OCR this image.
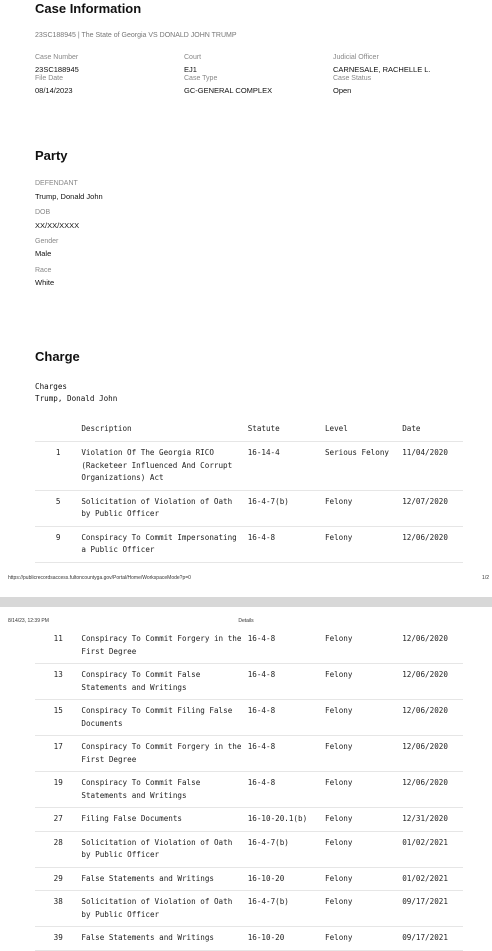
Case Information
23SC188945 | The State of Georgia VS DONALD JOHN TRUMP
Case Number
23SC188945
File Date
08/14/2023
Court
EJ1
Case Type
GC-GENERAL COMPLEX
Judicial Officer
CARNESALE, RACHELLE L.
Case Status
Open
Party
DEFENDANT
Trump, Donald John
DOB
XX/XX/XXXX
Gender
Male
Race
White
Charge
Charges
Trump, Donald John
	Description	Statute	Level	Date
1	Violation Of The Georgia RICO (Racketeer Influenced And Corrupt Organizations) Act	16-14-4	Serious Felony	11/04/2020
5	Solicitation of Violation of Oath by Public Officer	16-4-7(b)	Felony	12/07/2020
9	Conspiracy To Commit Impersonating a Public Officer	16-4-8	Felony	12/06/2020
https://publicrecordsaccess.fultoncountyga.gov/Portal/Home/WorkspaceMode?p=0	1/2
8/14/23, 12:39 PM	Details
11	Conspiracy To Commit Forgery in the First Degree	16-4-8	Felony	12/06/2020
13	Conspiracy To Commit False Statements and Writings	16-4-8	Felony	12/06/2020
15	Conspiracy To Commit Filing False Documents	16-4-8	Felony	12/06/2020
17	Conspiracy To Commit Forgery in the First Degree	16-4-8	Felony	12/06/2020
19	Conspiracy To Commit False Statements and Writings	16-4-8	Felony	12/06/2020
27	Filing False Documents	16-10-20.1(b)	Felony	12/31/2020
28	Solicitation of Violation of Oath by Public Officer	16-4-7(b)	Felony	01/02/2021
29	False Statements and Writings	16-10-20	Felony	01/02/2021
38	Solicitation of Violation of Oath by Public Officer	16-4-7(b)	Felony	09/17/2021
39	False Statements and Writings	16-10-20	Felony	09/17/2021
